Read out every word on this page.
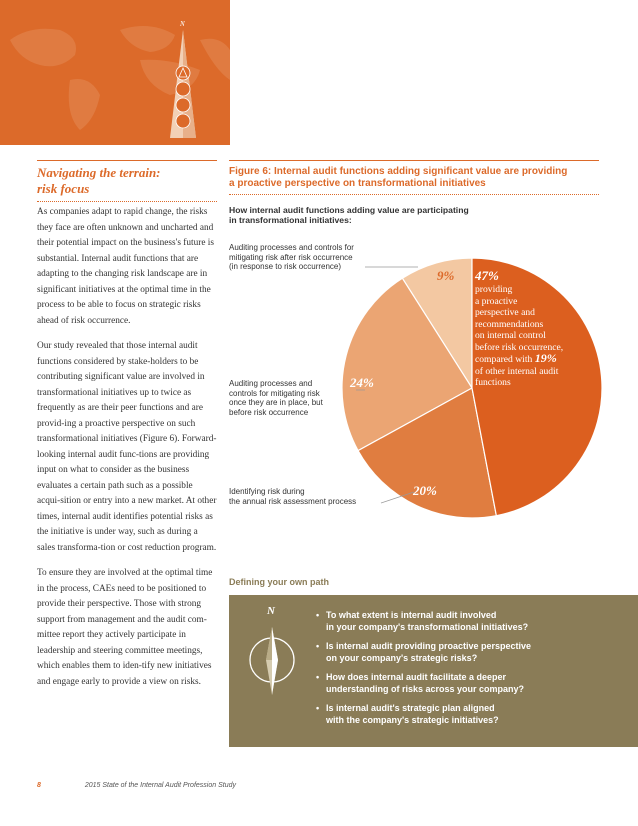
N
Navigating the terrain:
risk focus

As companies adapt to rapid change, the risks they face are often unknown and uncharted and their potential impact on the business's future is substantial. Internal audit functions that are adapting to the changing risk landscape are in significant initiatives at the optimal time in the process to be able to focus on strategic risks ahead of risk occurrence.

Our study revealed that those internal audit functions considered by stake-holders to be contributing significant value are involved in transformational initiatives up to twice as frequently as are their peer functions and are provid-ing a proactive perspective on such transformational initiatives (Figure 6). Forward-looking internal audit func-tions are providing input on what to consider as the business evaluates a certain path such as a possible acqui-sition or entry into a new market. At other times, internal audit identifies potential risks as the initiative is under way, such as during a sales transforma-tion or cost reduction program.

To ensure they are involved at the optimal time in the process, CAEs need to be positioned to provide their perspective. Those with strong support from management and the audit com-mittee report they actively participate in leadership and steering committee meetings, which enables them to iden-tify new initiatives and engage early to provide a view on risks.

Figure 6: Internal audit functions adding significant value are providing
a proactive perspective on transformational initiatives
How internal audit functions adding value are participating
in transformational initiatives:
Auditing processes and controls for
mitigating risk after risk occurrence
(in response to risk occurrence)
Auditing processes and
controls for mitigating risk
once they are in place, but
before risk occurrence
Identifying risk during
the annual risk assessment process
9% 47%
24%
20%
providing
a proactive
perspective and
recommendations
on internal control
before risk occurrence,
compared with 19%
of other internal audit
functions
Defining your own path
N
•	To what extent is internal audit involved
in your company's transformational initiatives?
• Is internal audit providing proactive perspective
on your company's strategic risks?
• How does internal audit facilitate a deeper
understanding of risks across your company?
• Is internal audit's strategic plan aligned
with the company's strategic initiatives?
8	2015 State of the Internal Audit Profession Study
